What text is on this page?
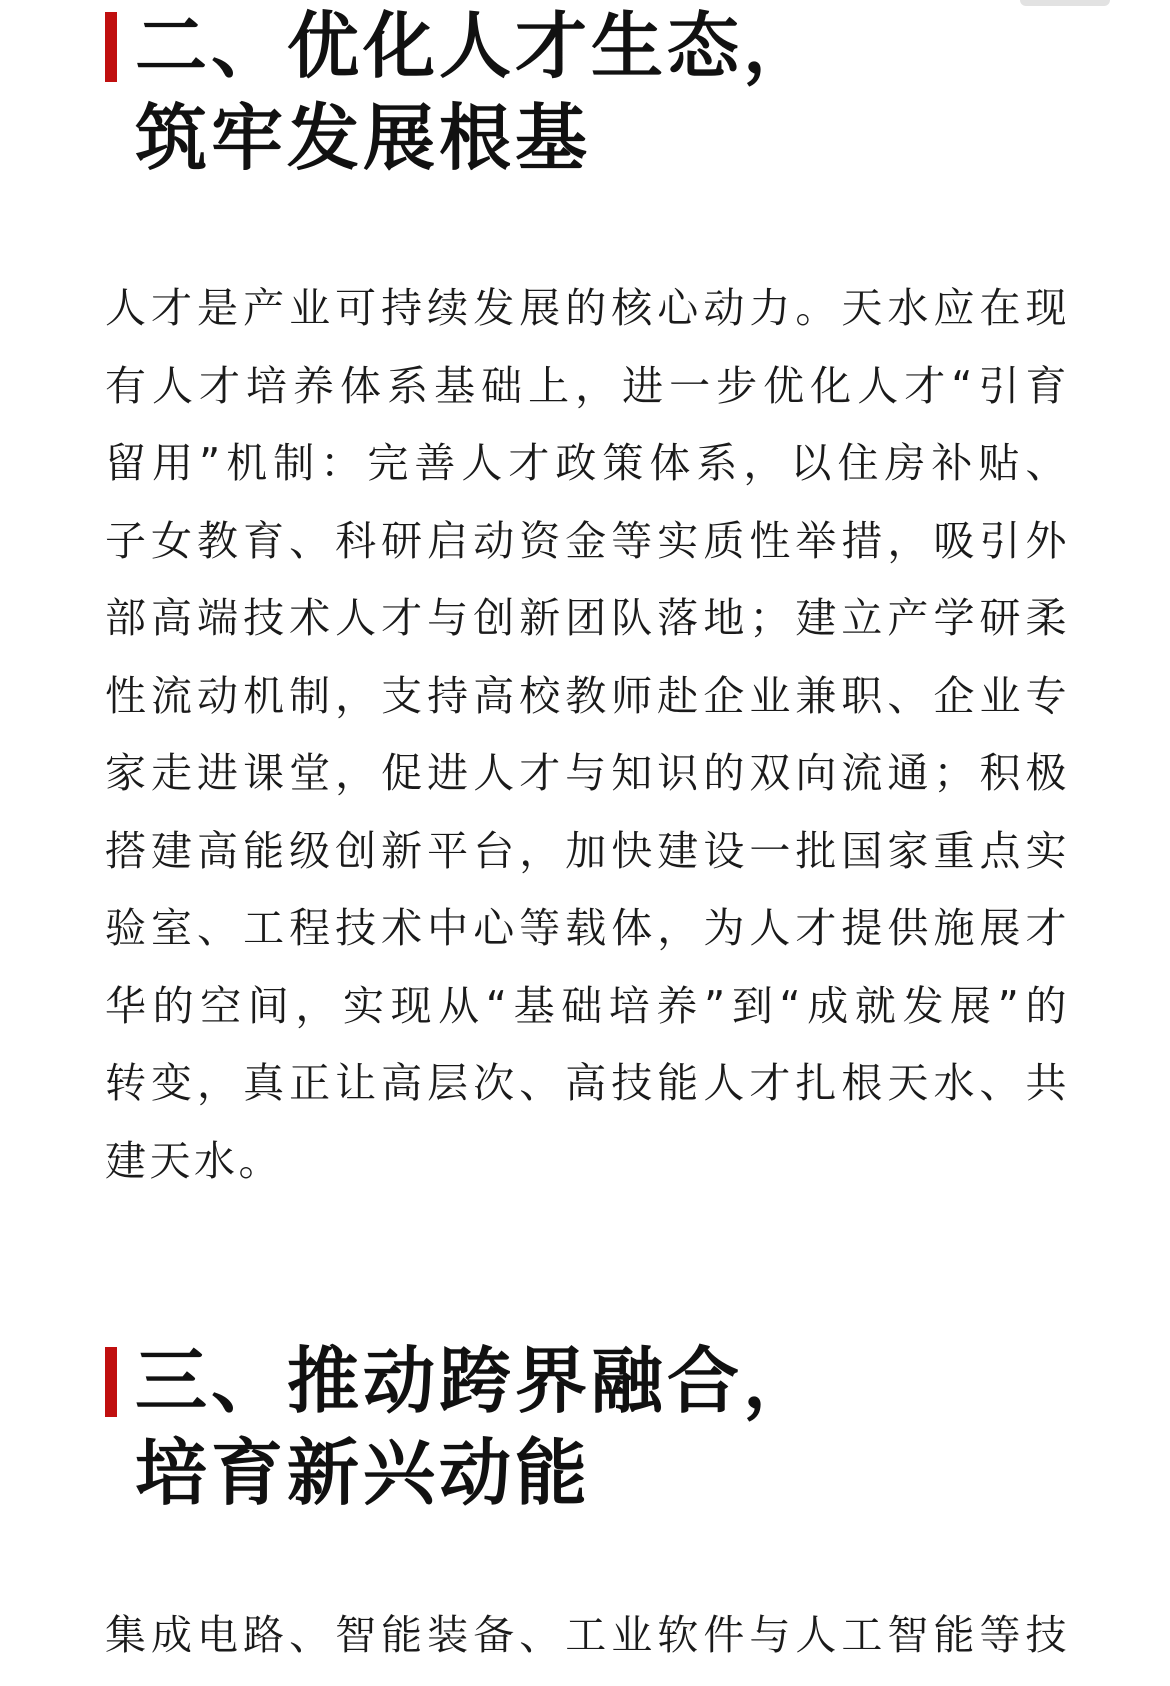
二、优化人才生态，
筑牢发展根基

人才是产业可持续发展的核心动力。天水应在现
有人才培养体系基础上，进一步优化人才“引育
留用”机制：完善人才政策体系，以住房补贴、
子女教育、科研启动资金等实质性举措，吸引外
部高端技术人才与创新团队落地；建立产学研柔
性流动机制，支持高校教师赴企业兼职、企业专
家走进课堂，促进人才与知识的双向流通；积极
搭建高能级创新平台，加快建设一批国家重点实
验室、工程技术中心等载体，为人才提供施展才
华的空间，实现从“基础培养”到“成就发展”的
转变，真正让高层次、高技能人才扎根天水、共
建天水。

三、推动跨界融合，
培育新兴动能

集成电路、智能装备、工业软件与人工智能等技
